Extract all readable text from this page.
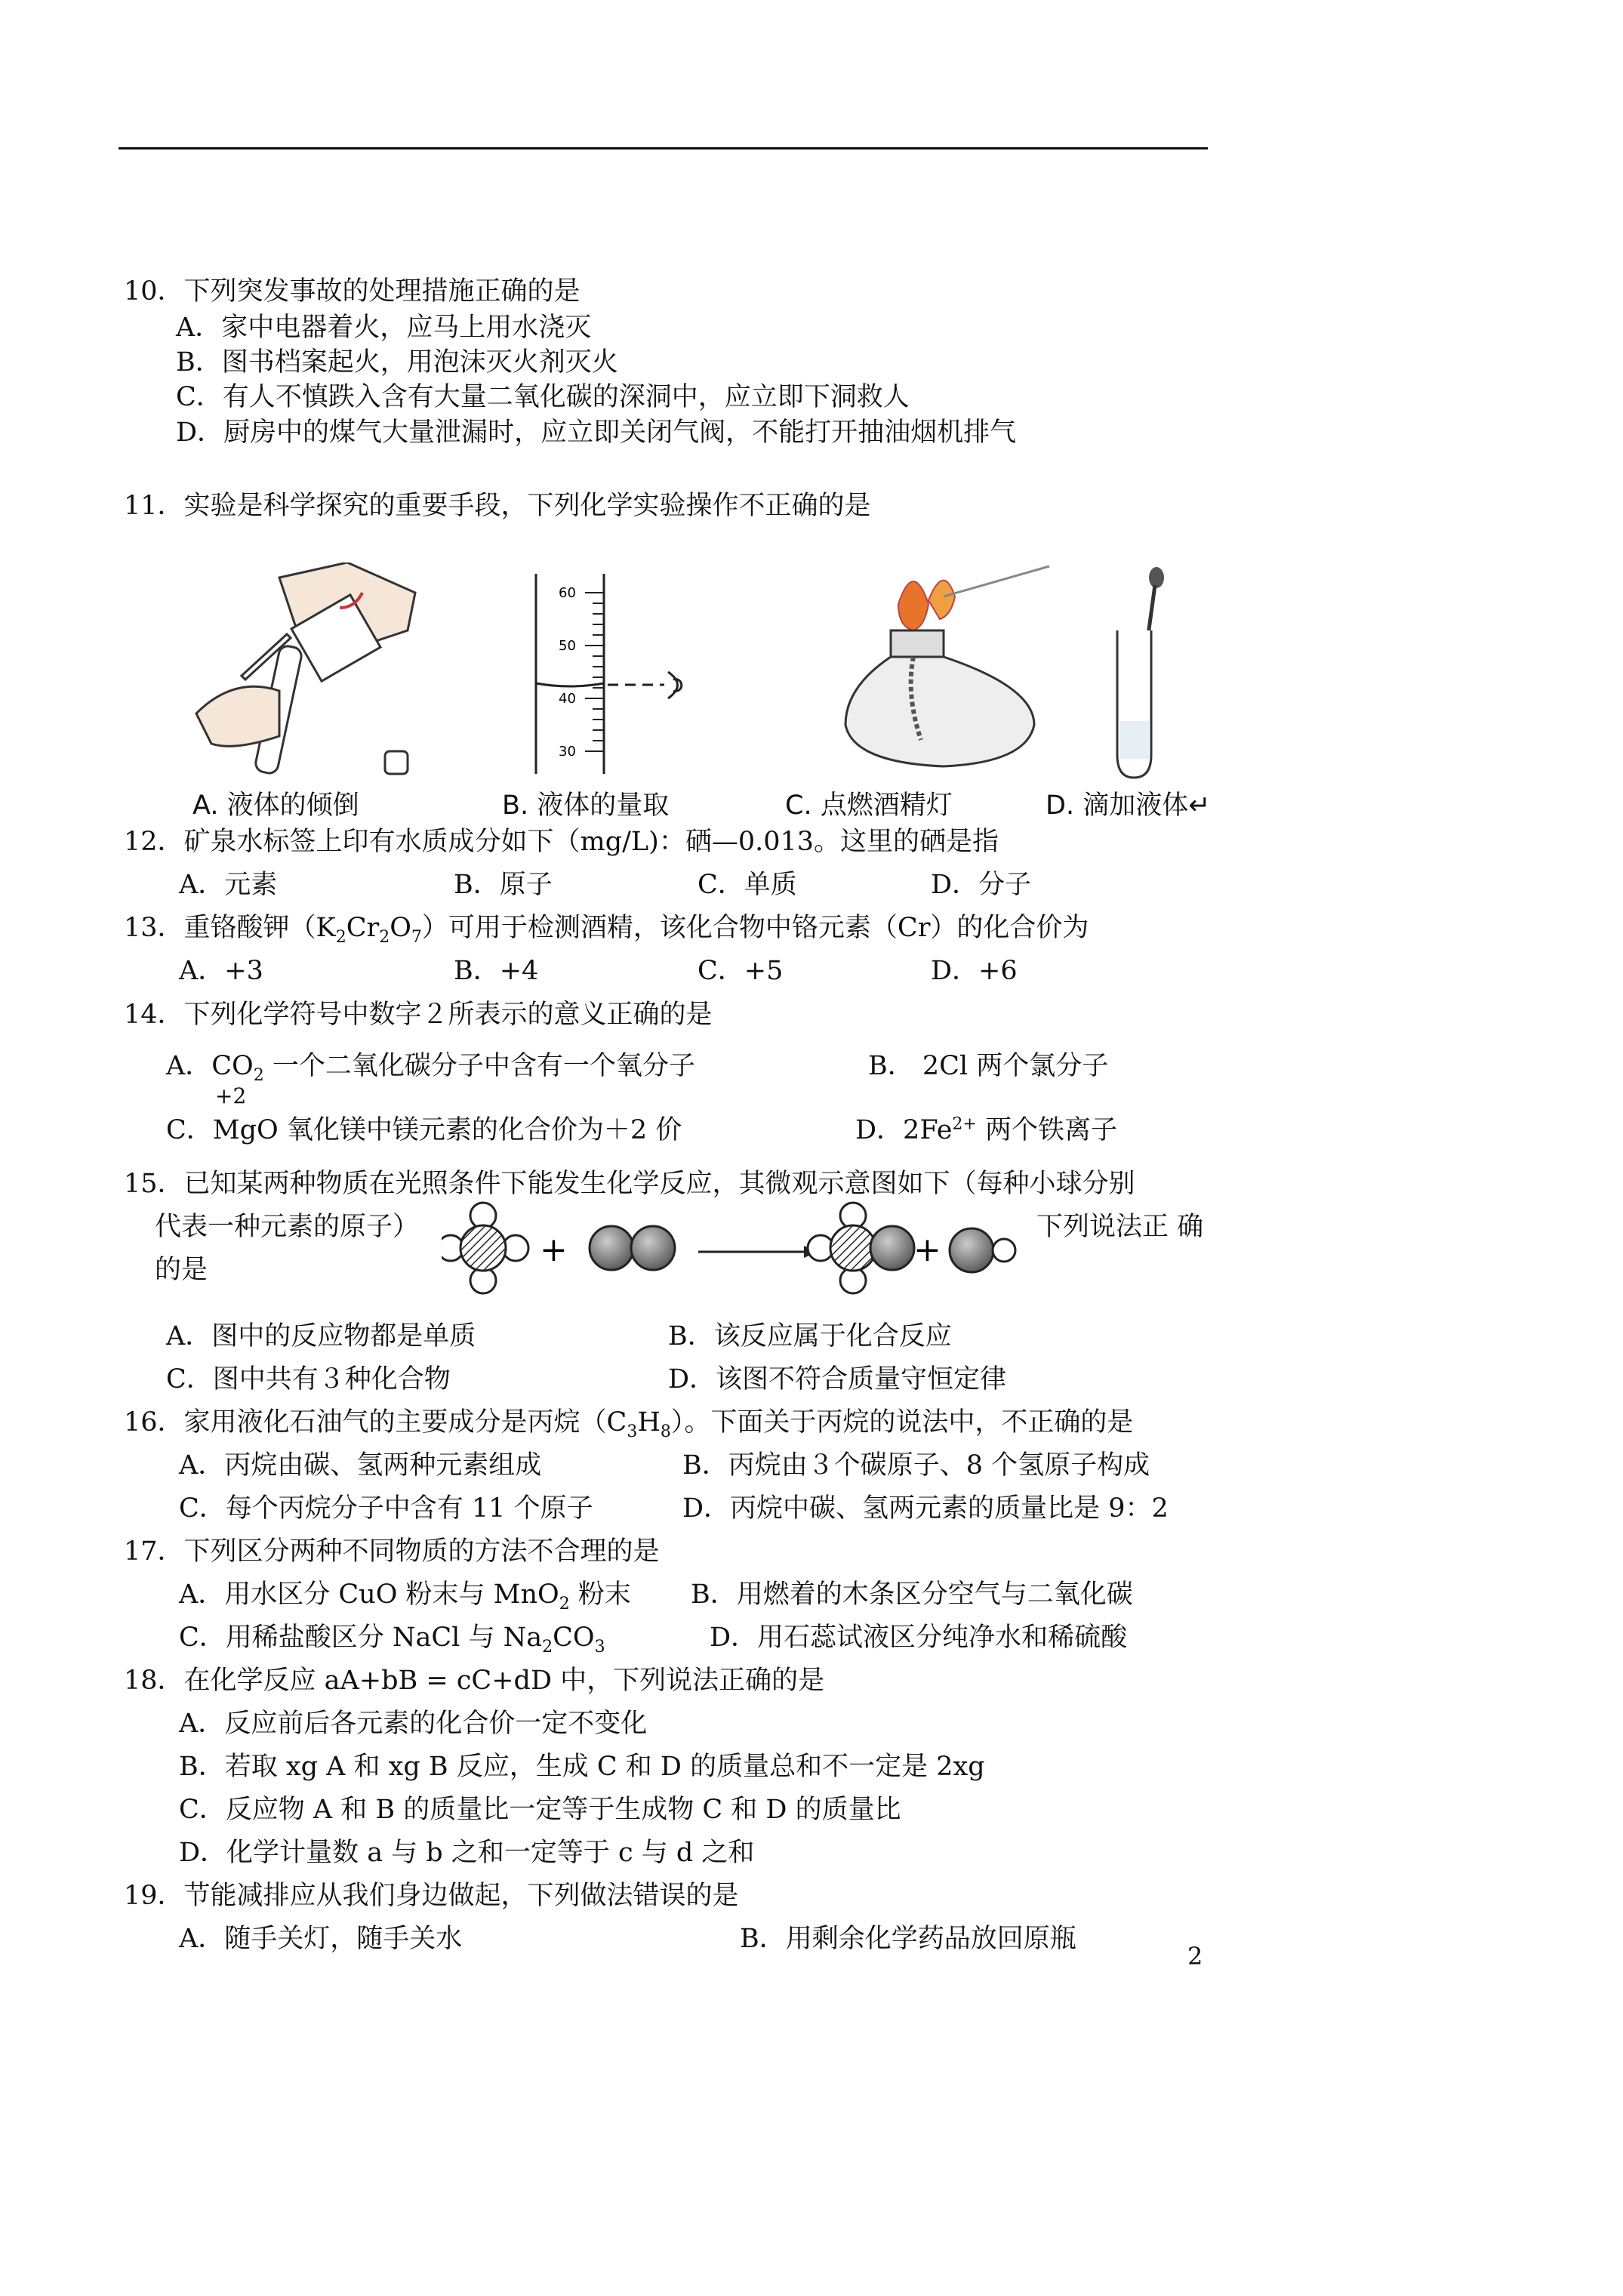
10．下列突发事故的处理措施正确的是
A．家中电器着火，应马上用水浇灭
B．图书档案起火，用泡沫灭火剂灭火
C．有人不慎跌入含有大量二氧化碳的深洞中，应立即下洞救人
D．厨房中的煤气大量泄漏时，应立即关闭气阀，不能打开抽油烟机排气
11．实验是科学探究的重要手段，下列化学实验操作不正确的是
60
50
40
30
A. 液体的倾倒	B. 液体的量取	C. 点燃酒精灯	D. 滴加液体↵
12．矿泉水标签上印有水质成分如下（mg/L)：硒—0.013。这里的硒是指
A．元素	B．原子	C．单质	D．分子
13．重铬酸钾$(K_2Cr_2O_7)$可用于检测酒精，该化合物中铬元素（Cr）的化合价为
A．+3	B．+4	C．+5	D．+6
14．下列化学符号中数字２所表示的意义正确的是
A．$CO_2$ 一个二氧化碳分子中含有一个氧分子	B． 2Cl 两个氯分子
+2
C．MgO 氧化镁中镁元素的化合价为＋2 价	D．$2Fe^{2+}$ 两个铁离子
15．已知某两种物质在光照条件下能发生化学反应，其微观示意图如下（每种小球分别
代表一种元素的原子）	下列说法正 确
的是
+	+
A．图中的反应物都是单质	B．该反应属于化合反应
C．图中共有３种化合物	D．该图不符合质量守恒定律
16．家用液化石油气的主要成分是丙烷$(C_3H_8)$。下面关于丙烷的说法中，不正确的是
A．丙烷由碳、氢两种元素组成	B．丙烷由３个碳原子、8 个氢原子构成
C．每个丙烷分子中含有 11 个原子	D．丙烷中碳、氢两元素的质量比是 9：2
17．下列区分两种不同物质的方法不合理的是
A．用水区分 CuO 粉末与 MnO$_2$ 粉末 B．用燃着的木条区分空气与二氧化碳
C．用稀盐酸区分 NaCl 与 $Na_2CO_3$	D．用石蕊试液区分纯净水和稀硫酸
18．在化学反应 aA+bB = cC+dD 中，下列说法正确的是
A．反应前后各元素的化合价一定不变化
B．若取 xg A 和 xg B 反应，生成 C 和 D 的质量总和不一定是 2xg
C．反应物 A 和 B 的质量比一定等于生成物 C 和 D 的质量比
D．化学计量数 a 与 b 之和一定等于 c 与 d 之和
19．节能减排应从我们身边做起，下列做法错误的是
A．随手关灯，随手关水	B．用剩余化学药品放回原瓶
2
